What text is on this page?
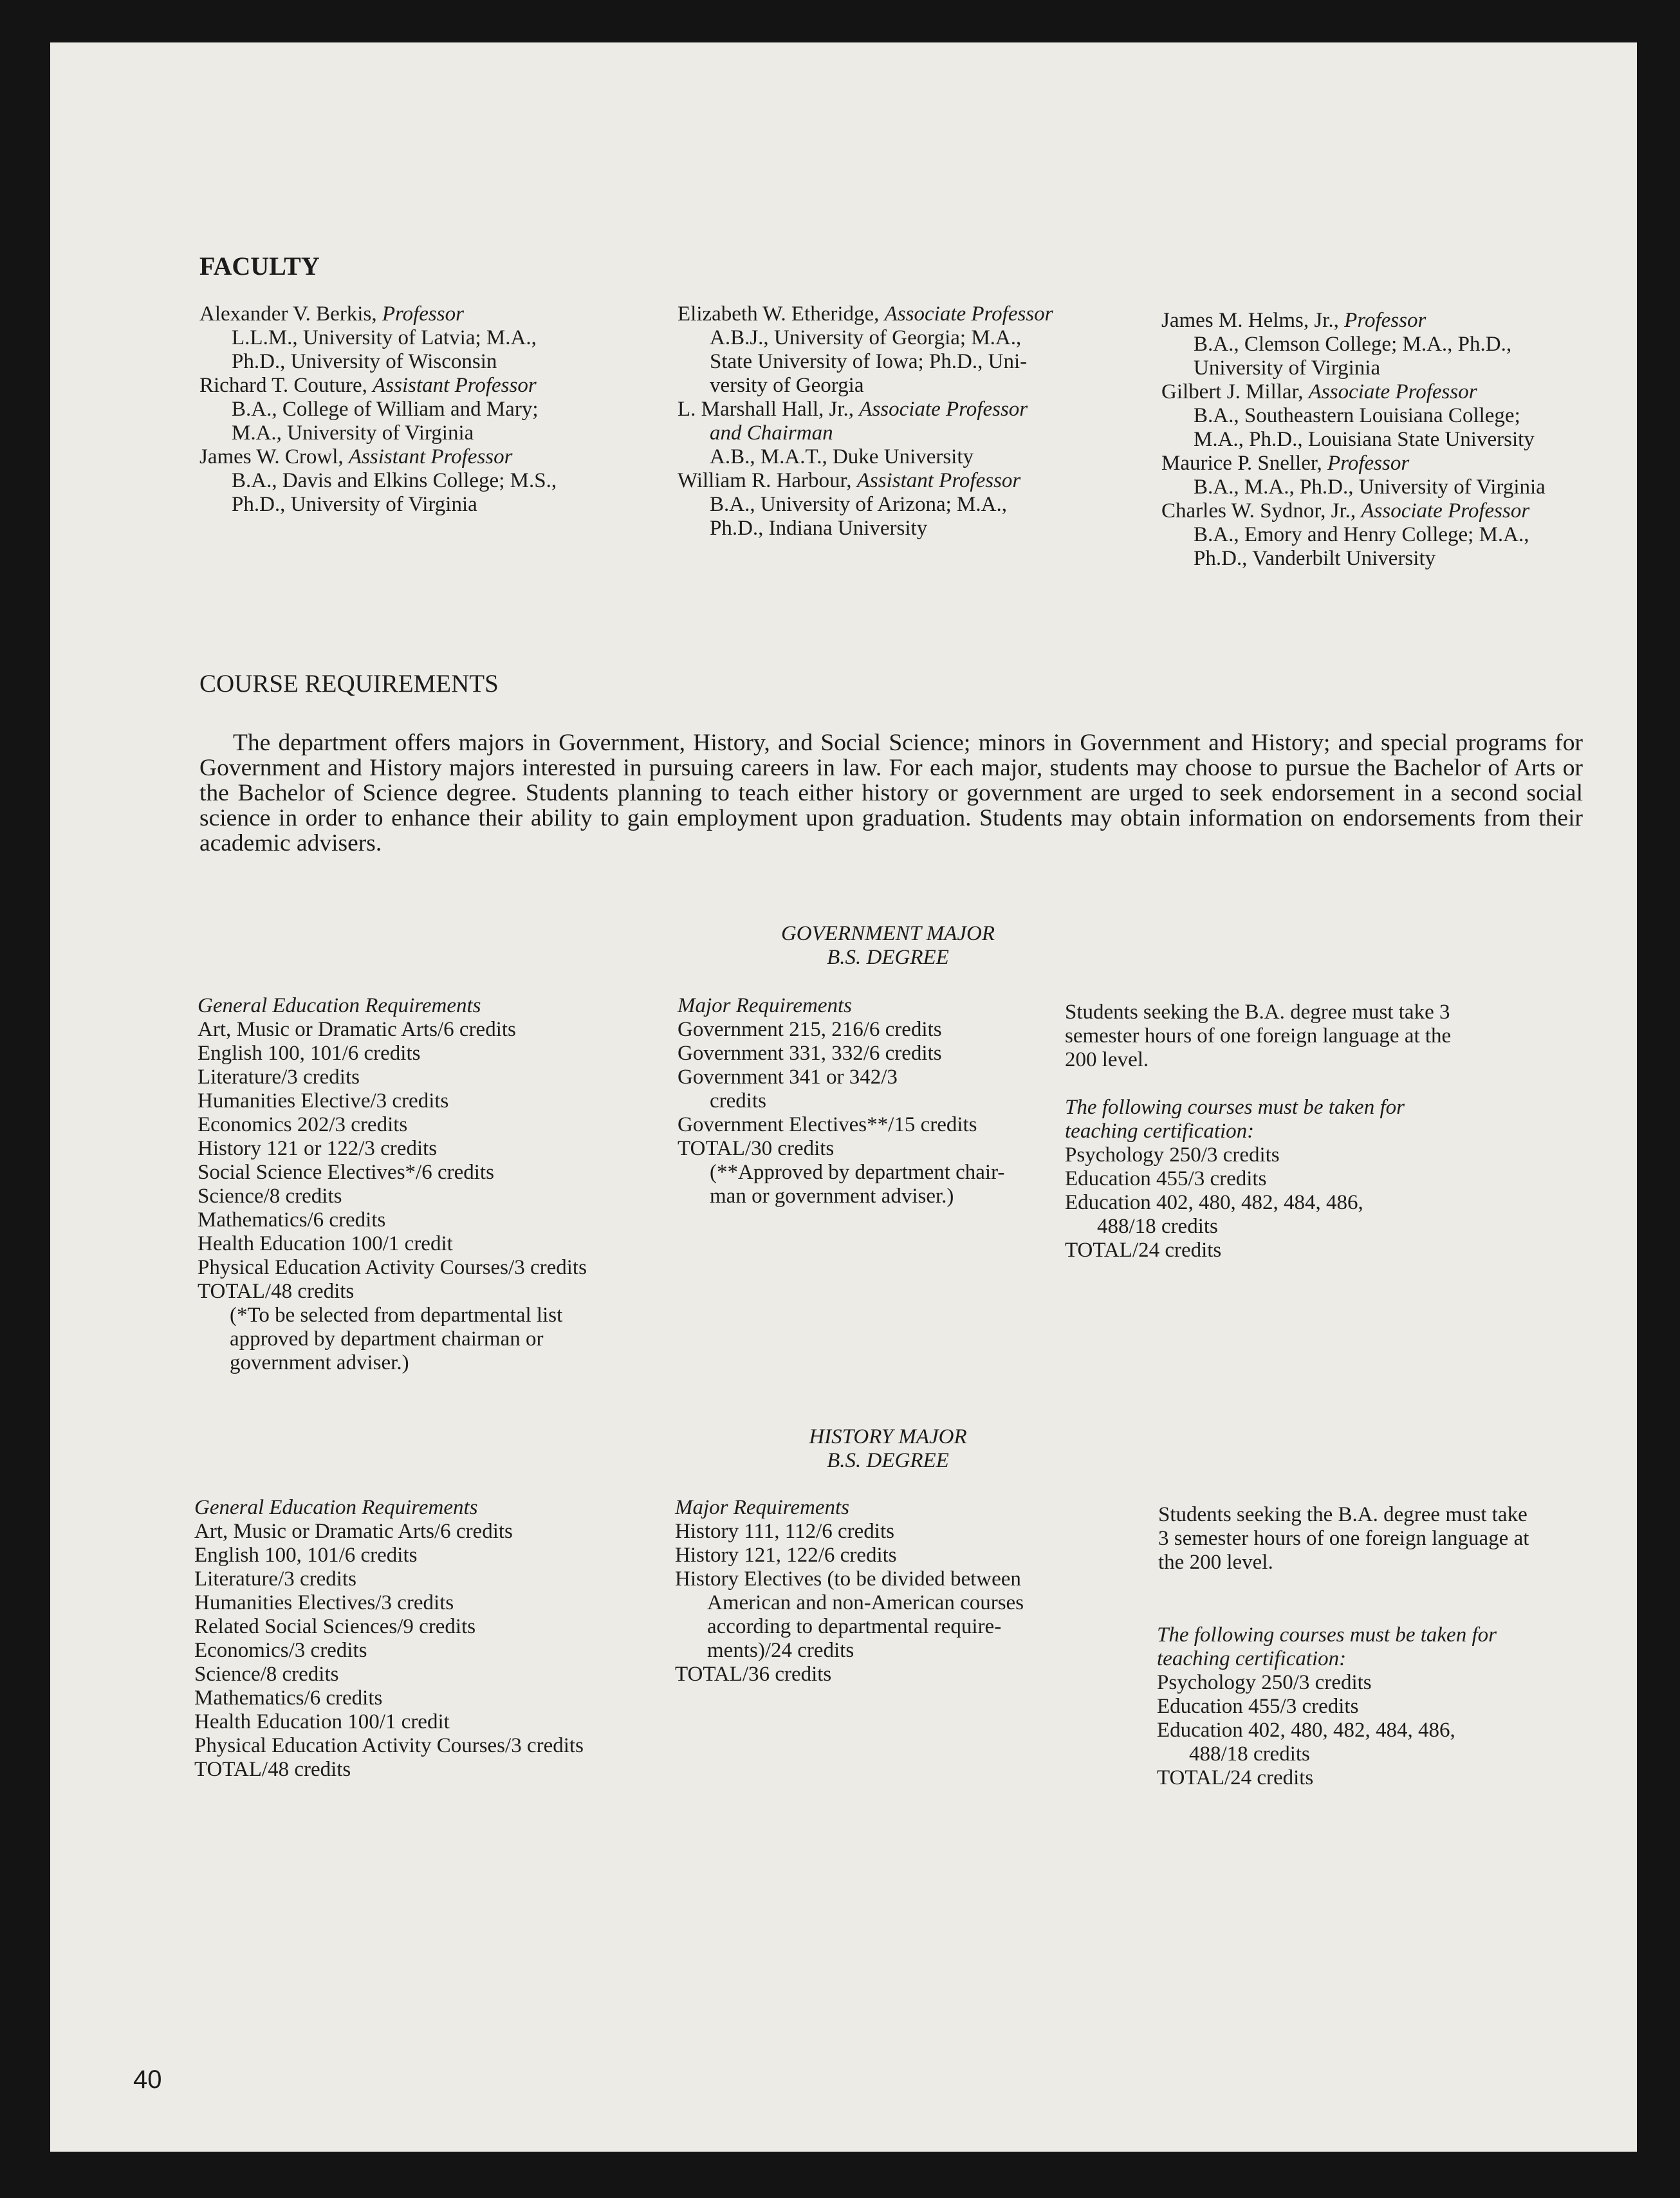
FACULTY
Alexander V. Berkis, Professor
L.L.M., University of Latvia; M.A.,
Ph.D., University of Wisconsin
Richard T. Couture, Assistant Professor
B.A., College of William and Mary;
M.A., University of Virginia
James W. Crowl, Assistant Professor
B.A., Davis and Elkins College; M.S.,
Ph.D., University of Virginia
Elizabeth W. Etheridge, Associate Professor
A.B.J., University of Georgia; M.A.,
State University of Iowa; Ph.D., Uni-
versity of Georgia
L. Marshall Hall, Jr., Associate Professor
and Chairman
A.B., M.A.T., Duke University
William R. Harbour, Assistant Professor
B.A., University of Arizona; M.A.,
Ph.D., Indiana University
James M. Helms, Jr., Professor
B.A., Clemson College; M.A., Ph.D.,
University of Virginia
Gilbert J. Millar, Associate Professor
B.A., Southeastern Louisiana College;
M.A., Ph.D., Louisiana State University
Maurice P. Sneller, Professor
B.A., M.A., Ph.D., University of Virginia
Charles W. Sydnor, Jr., Associate Professor
B.A., Emory and Henry College; M.A.,
Ph.D., Vanderbilt University
COURSE REQUIREMENTS

The department offers majors in Government, History, and Social Science; minors in Government and History; and special programs for Government and History majors interested in pursuing careers in law. For each major, students may choose to pursue the Bachelor of Arts or the Bachelor of Science degree. Students planning to teach either history or government are urged to seek endorsement in a second social science in order to enhance their ability to gain employment upon graduation. Students may obtain information on endorsements from their academic advisers.

GOVERNMENT MAJOR
B.S. DEGREE
General Education Requirements
Art, Music or Dramatic Arts/6 credits
English 100, 101/6 credits
Literature/3 credits
Humanities Elective/3 credits
Economics 202/3 credits
History 121 or 122/3 credits
Social Science Electives*/6 credits
Science/8 credits
Mathematics/6 credits
Health Education 100/1 credit
Physical Education Activity Courses/3 credits
TOTAL/48 credits
(*To be selected from departmental list
approved by department chairman or
government adviser.)
Major Requirements
Government 215, 216/6 credits
Government 331, 332/6 credits
Government 341 or 342/3
credits
Government Electives**/15 credits
TOTAL/30 credits
(**Approved by department chair-
man or government adviser.)
Students seeking the B.A. degree must take 3
semester hours of one foreign language at the
200 level.
The following courses must be taken for
teaching certification:
Psychology 250/3 credits
Education 455/3 credits
Education 402, 480, 482, 484, 486,
488/18 credits
TOTAL/24 credits
HISTORY MAJOR
B.S. DEGREE
General Education Requirements
Art, Music or Dramatic Arts/6 credits
English 100, 101/6 credits
Literature/3 credits
Humanities Electives/3 credits
Related Social Sciences/9 credits
Economics/3 credits
Science/8 credits
Mathematics/6 credits
Health Education 100/1 credit
Physical Education Activity Courses/3 credits
TOTAL/48 credits
Major Requirements
History 111, 112/6 credits
History 121, 122/6 credits
History Electives (to be divided between
American and non-American courses
according to departmental require-
ments)/24 credits
TOTAL/36 credits
Students seeking the B.A. degree must take
3 semester hours of one foreign language at
the 200 level.
The following courses must be taken for
teaching certification:
Psychology 250/3 credits
Education 455/3 credits
Education 402, 480, 482, 484, 486,
488/18 credits
TOTAL/24 credits
40
